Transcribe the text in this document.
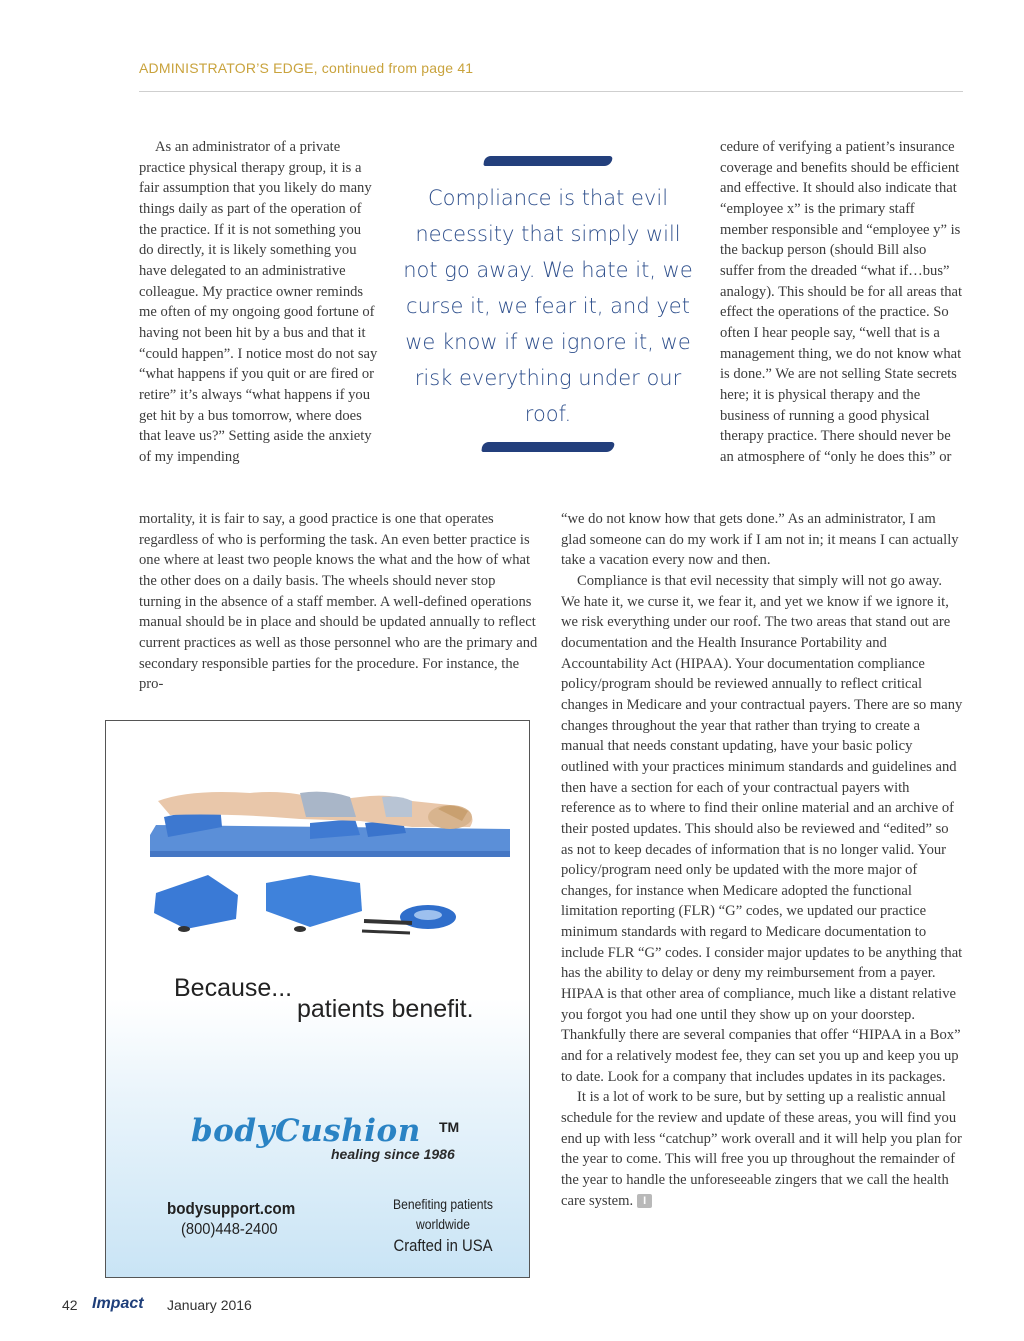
ADMINISTRATOR’S EDGE, continued from page 41

As an administrator of a private practice physical therapy group, it is a fair assumption that you likely do many things daily as part of the operation of the practice. If it is not something you do directly, it is likely something you have delegated to an administrative colleague. My practice owner reminds me often of my ongoing good fortune of having not been hit by a bus and that it “could happen”. I notice most do not say “what happens if you quit or are fired or retire” it’s always “what happens if you get hit by a bus tomorrow, where does that leave us?” Setting aside the anxiety of my impending

mortality, it is fair to say, a good practice is one that operates regardless of who is performing the task. An even better practice is one where at least two people knows the what and the how of what the other does on a daily basis. The wheels should never stop turning in the absence of a staff member. A well-defined operations manual should be in place and should be updated annually to reflect current practices as well as those personnel who are the primary and secondary responsible parties for the procedure. For instance, the pro-

Compliance is that evil necessity that simply will not go away. We hate it, we curse it, we fear it, and yet we know if we ignore it, we risk everything under our roof.

cedure of verifying a patient’s insurance coverage and benefits should be efficient and effective. It should also indicate that “employee x” is the primary staff member responsible and “employee y” is the backup person (should Bill also suffer from the dreaded “what if…bus” analogy). This should be for all areas that effect the operations of the practice. So often I hear people say, “well that is a management thing, we do not know what is done.” We are not selling State secrets here; it is physical therapy and the business of running a good physical therapy practice. There should never be an atmosphere of “only he does this” or

“we do not know how that gets done.” As an administrator, I am glad someone can do my work if I am not in; it means I can actually take a vacation every now and then.

Compliance is that evil necessity that simply will not go away. We hate it, we curse it, we fear it, and yet we know if we ignore it, we risk everything under our roof. The two areas that stand out are documentation and the Health Insurance Portability and Accountability Act (HIPAA). Your documentation compliance policy/program should be reviewed annually to reflect critical changes in Medicare and your contractual payers. There are so many changes throughout the year that rather than trying to create a manual that needs constant updating, have your basic policy outlined with your practices minimum standards and guidelines and then have a section for each of your contractual payers with reference as to where to find their online material and an archive of their posted updates. This should also be reviewed and “edited” so as not to keep decades of information that is no longer valid. Your policy/program need only be updated with the more major of changes, for instance when Medicare adopted the functional limitation reporting (FLR) “G” codes, we updated our practice minimum standards with regard to Medicare documentation to include FLR “G” codes. I consider major updates to be anything that has the ability to delay or deny my reimbursement from a payer. HIPAA is that other area of compliance, much like a distant relative you forgot you had one until they show up on your doorstep. Thankfully there are several companies that offer “HIPAA in a Box” and for a relatively modest fee, they can set you up and keep you up to date. Look for a company that includes updates in its packages.

It is a lot of work to be sure, but by setting up a realistic annual schedule for the review and update of these areas, you will find you end up with less “catchup” work overall and it will help you plan for the year to come. This will free you up throughout the remainder of the year to handle the unforeseeable zingers that we call the health care system. I

Because...
patients benefit.
bodyCushion TM
healing since 1986
bodysupport.com
(800)448-2400
Benefiting patients
worldwide
Crafted in USA
42 Impact January 2016
